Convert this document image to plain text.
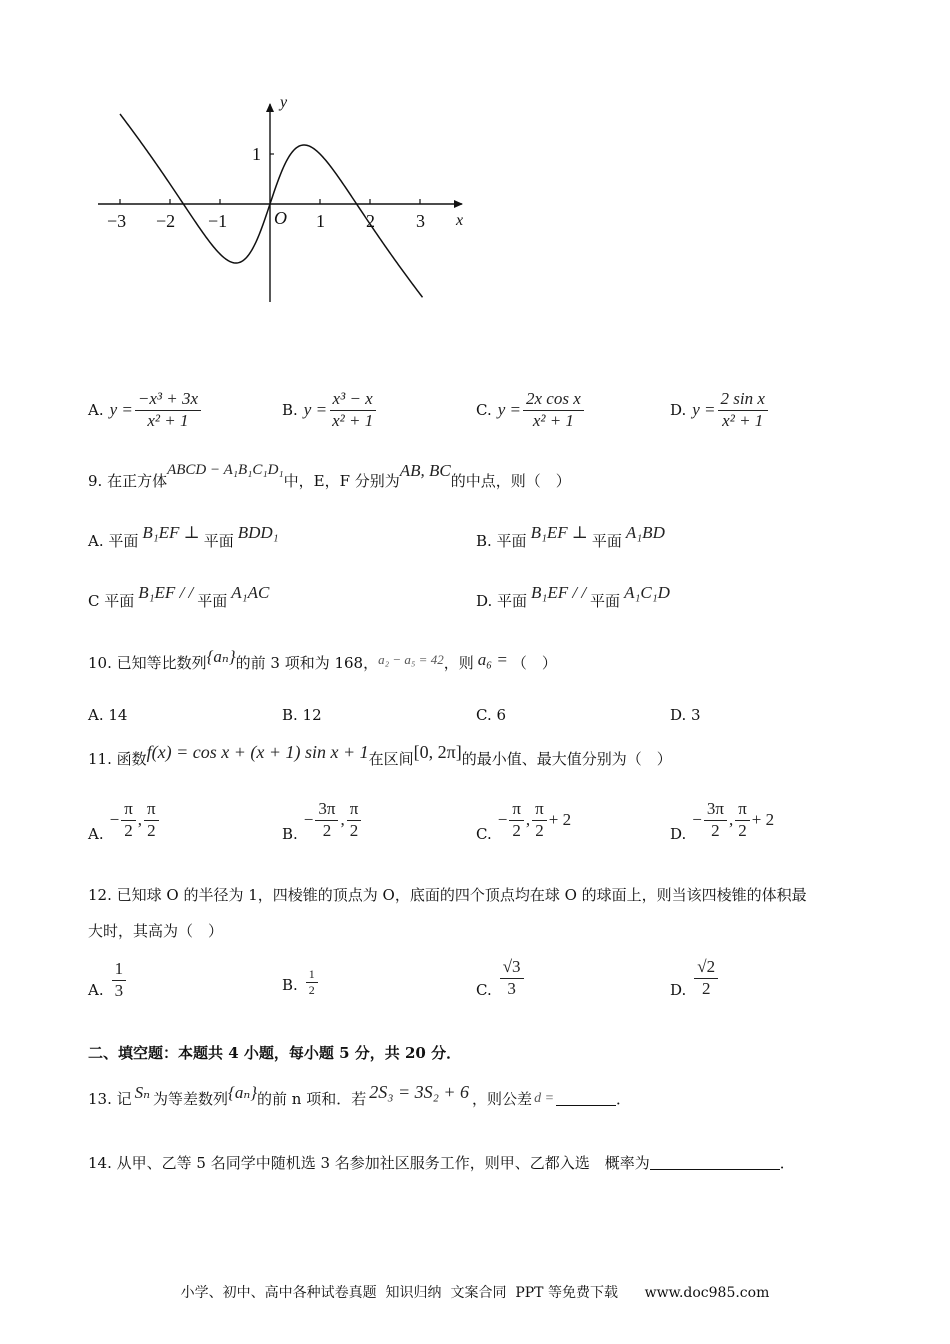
−3 −2 −1	1 2 3
1
O	x
y
A. $y = \frac{\text{−x³ + 3x}}{\text{x² + 1}}$	B. $y = \frac{\text{x³ − x}}{\text{x² + 1}}$	C. $y = \frac{\text{2x cos x}}{\text{x² + 1}}$	D. $y = \frac{\text{2 sin x}}{\text{x² + 1}}$
9. 在正方体
ABCD − A₁B₁C₁D₁
中，E，F 分别为
AB, BC
的中点，则（　）
A. 平面 B₁EF ⊥ 平面 BDD₁	B. 平面 B₁EF ⊥ 平面 A₁BD
C 平面 B₁EF / / 平面 A₁AC	D. 平面 B₁EF / / 平面 A₁C₁D
10. 已知等比数列 {aₙ} 的前 3 项和为 168， a₂ − a₅ = 42 ，则 a₆ = （　）
A. 14	B. 12	C. 6	D. 3
11. 函数 f(x) = cos x + (x + 1) sin x + 1 在区间 [0, 2π] 的最小值、最大值分别为（　）
A.
− $\frac{\pi}{2}$ , $\frac{\pi}{2}$	B.
− $\frac{3\pi}{2}$ , $\frac{\pi}{2}$	C.
− $\frac{\pi}{2}$ , $\frac{\pi}{2} + 2$
D.
− $\frac{3\pi}{2}$ , $\frac{\pi}{2} + 2$
12. 已知球 O 的半径为 1，四棱锥的顶点为 O，底面的四个顶点均在球 O 的球面上，则当该四棱锥的体积最
大时，其高为（　）
A. $\frac{1}{3}$	B. $\frac{1}{2}$	C. $\frac{√3}{3}$	D. $\frac{√2}{2}$
二、填空题：本题共 4 小题，每小题 5 分，共 20 分．
13. 记 Sₙ 为等差数列 {aₙ} 的前 n 项和．若 2S₃ = 3S₂ + 6 ，则公差 d =	．
14. 从甲、乙等 5 名同学中随机选 3 名参加社区服务工作，则甲、乙都入选　概率为	．
小学、初中、高中各种试卷真题  知识归纳  文案合同  PPT 等免费下载      www.doc985.com
